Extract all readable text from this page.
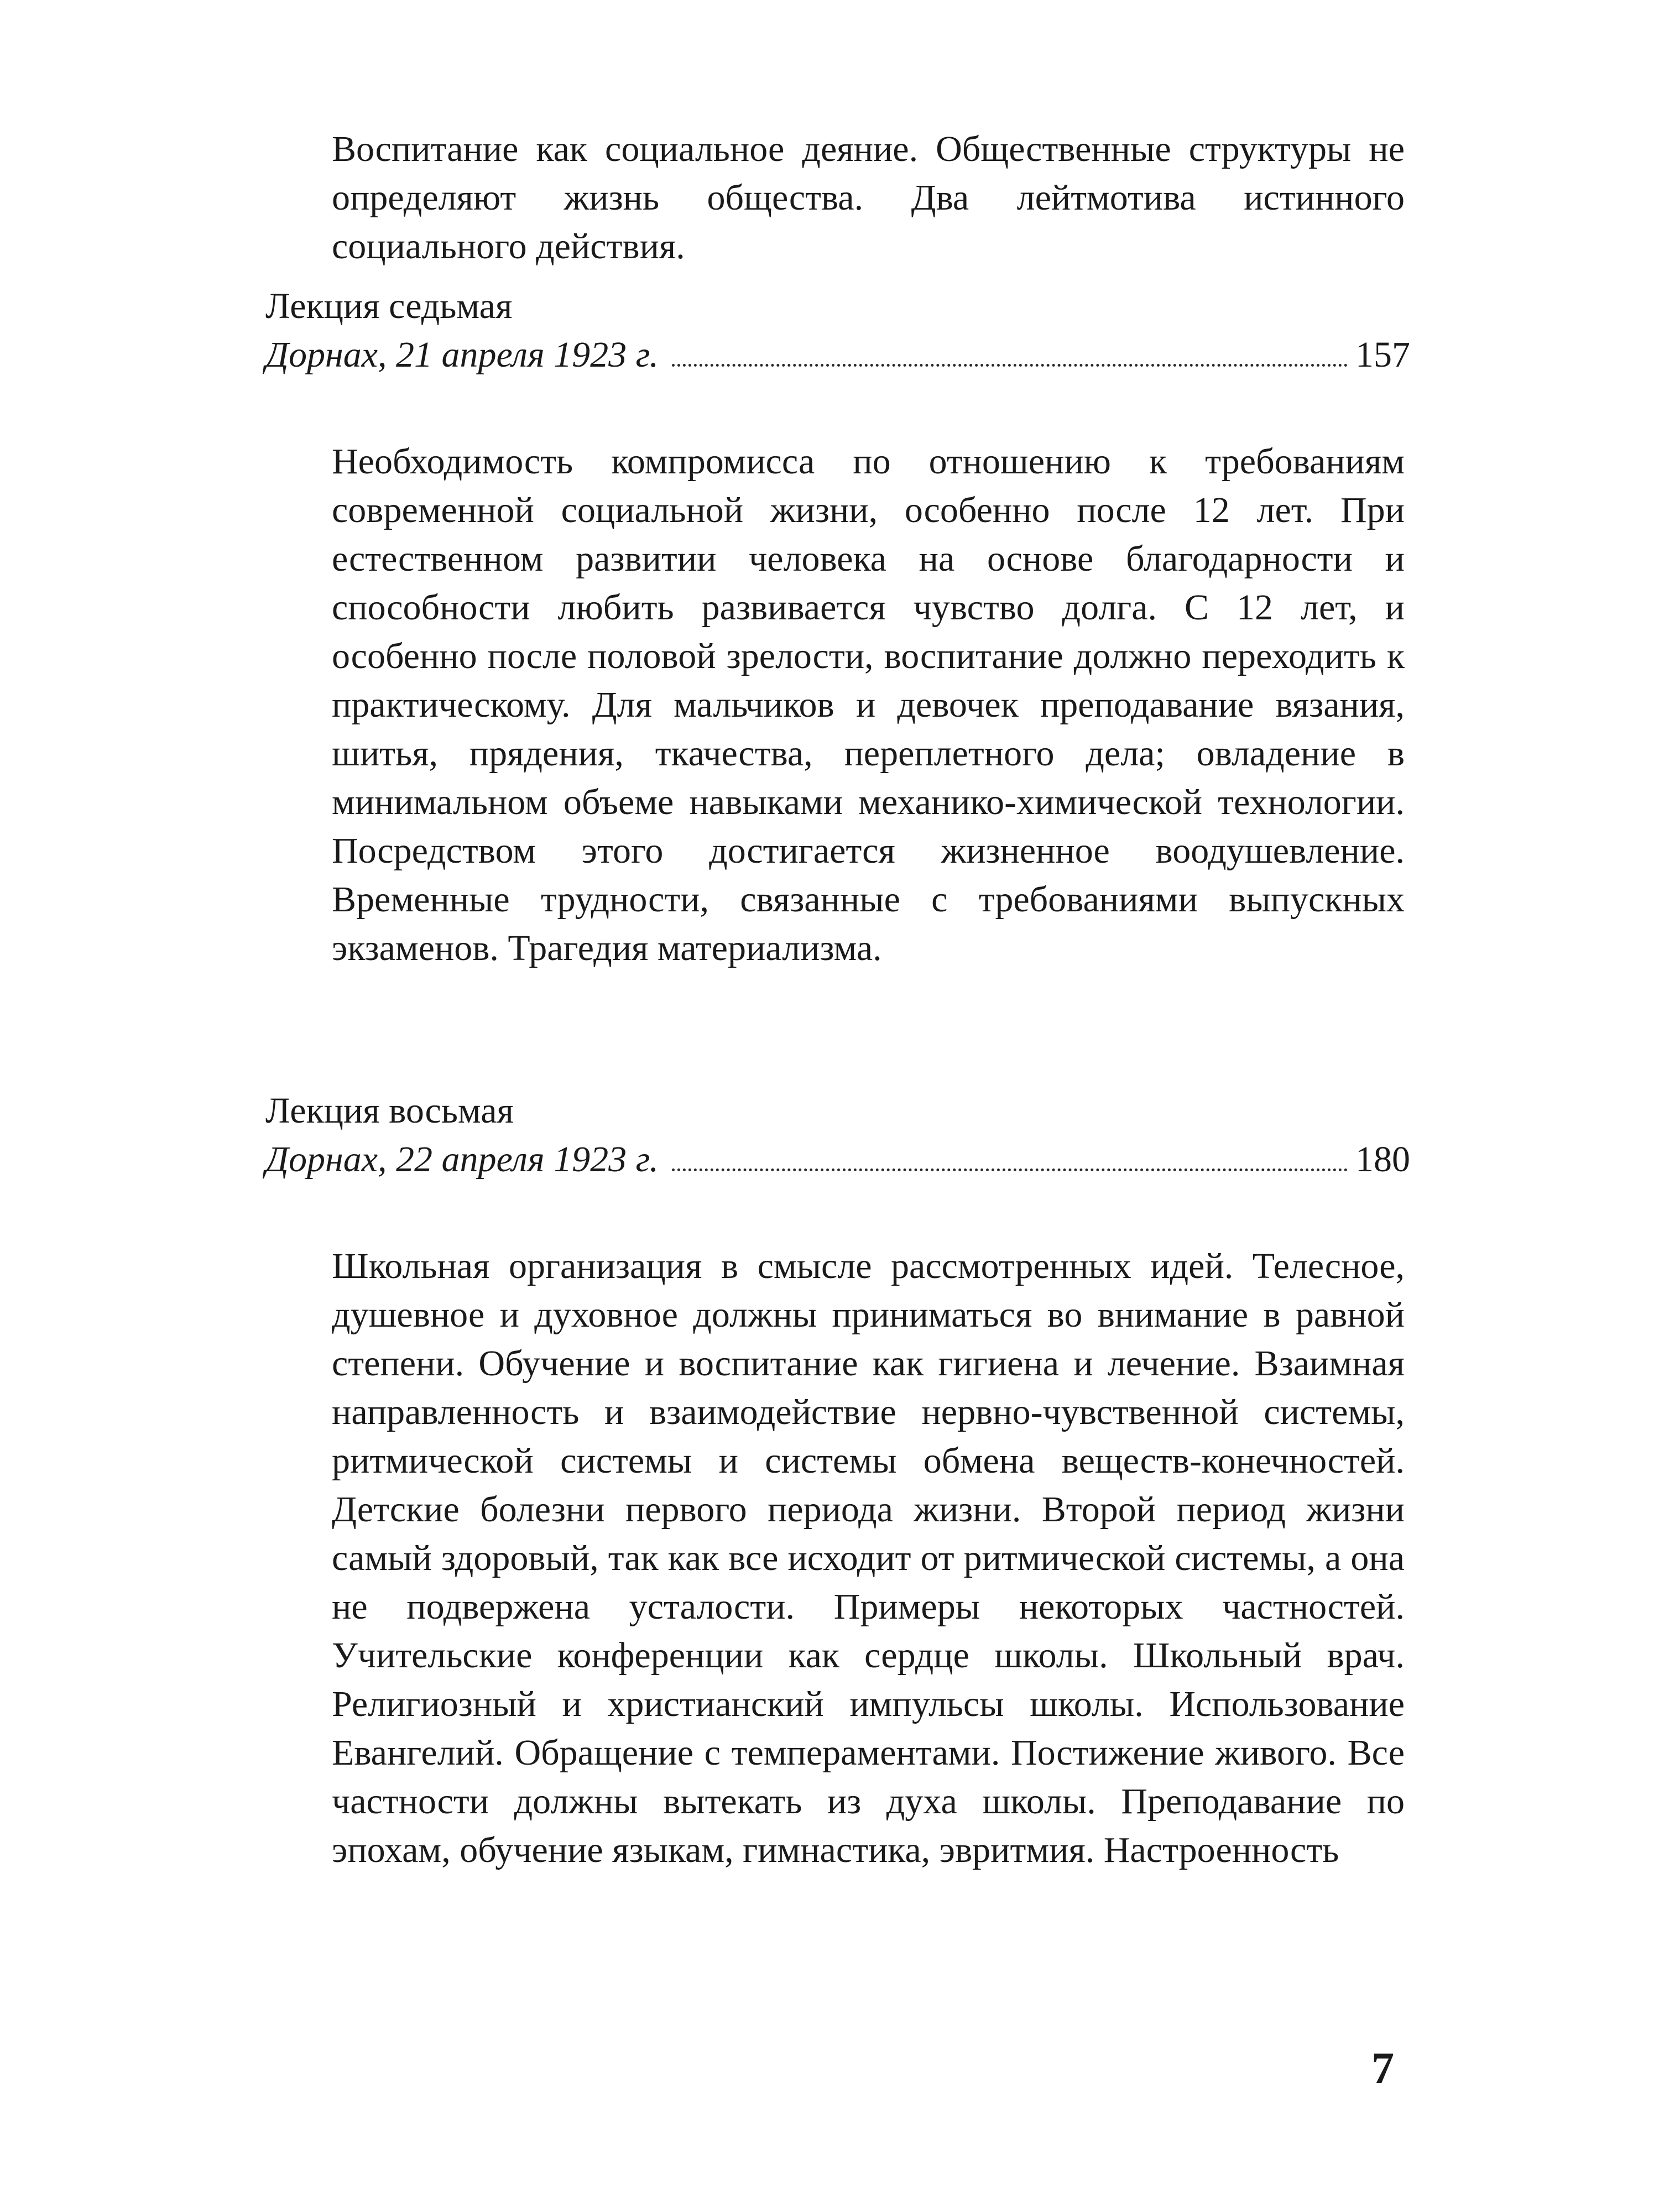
Воспитание как социальное деяние. Общественные структуры не определяют жизнь общества. Два лейтмотива истинного социального действия.

Лекция седьмая
Дорнах, 21 апреля 1923 г.	157

Необходимость компромисса по отношению к требованиям современной социальной жизни, особенно после 12 лет. При естественном развитии человека на основе благодарности и способности любить развивается чувство долга. С 12 лет, и особенно после половой зрелости, воспитание должно переходить к практическому. Для мальчиков и девочек преподавание вязания, шитья, прядения, ткачества, переплетного дела; овладение в минимальном объеме навыками механико-химической технологии. Посредством этого достигается жизненное воодушевление. Временные трудности, связанные с требованиями выпускных экзаменов. Трагедия материализма.

Лекция восьмая
Дорнах, 22 апреля 1923 г.	180

Школьная организация в смысле рассмотренных идей. Телесное, душевное и духовное должны приниматься во внимание в равной степени. Обучение и воспитание как гигиена и лечение. Взаимная направленность и взаимодействие нервно-чувственной системы, ритмической системы и системы обмена веществ-конечностей. Детские болезни первого периода жизни. Второй период жизни самый здоровый, так как все исходит от ритмической системы, а она не подвержена усталости. Примеры некоторых частностей. Учительские конференции как сердце школы. Школьный врач. Религиозный и христианский импульсы школы. Использование Евангелий. Обращение с темпераментами. Постижение живого. Все частности должны вытекать из духа школы. Преподавание по эпохам, обучение языкам, гимнастика, эвритмия. Настроенность

7
